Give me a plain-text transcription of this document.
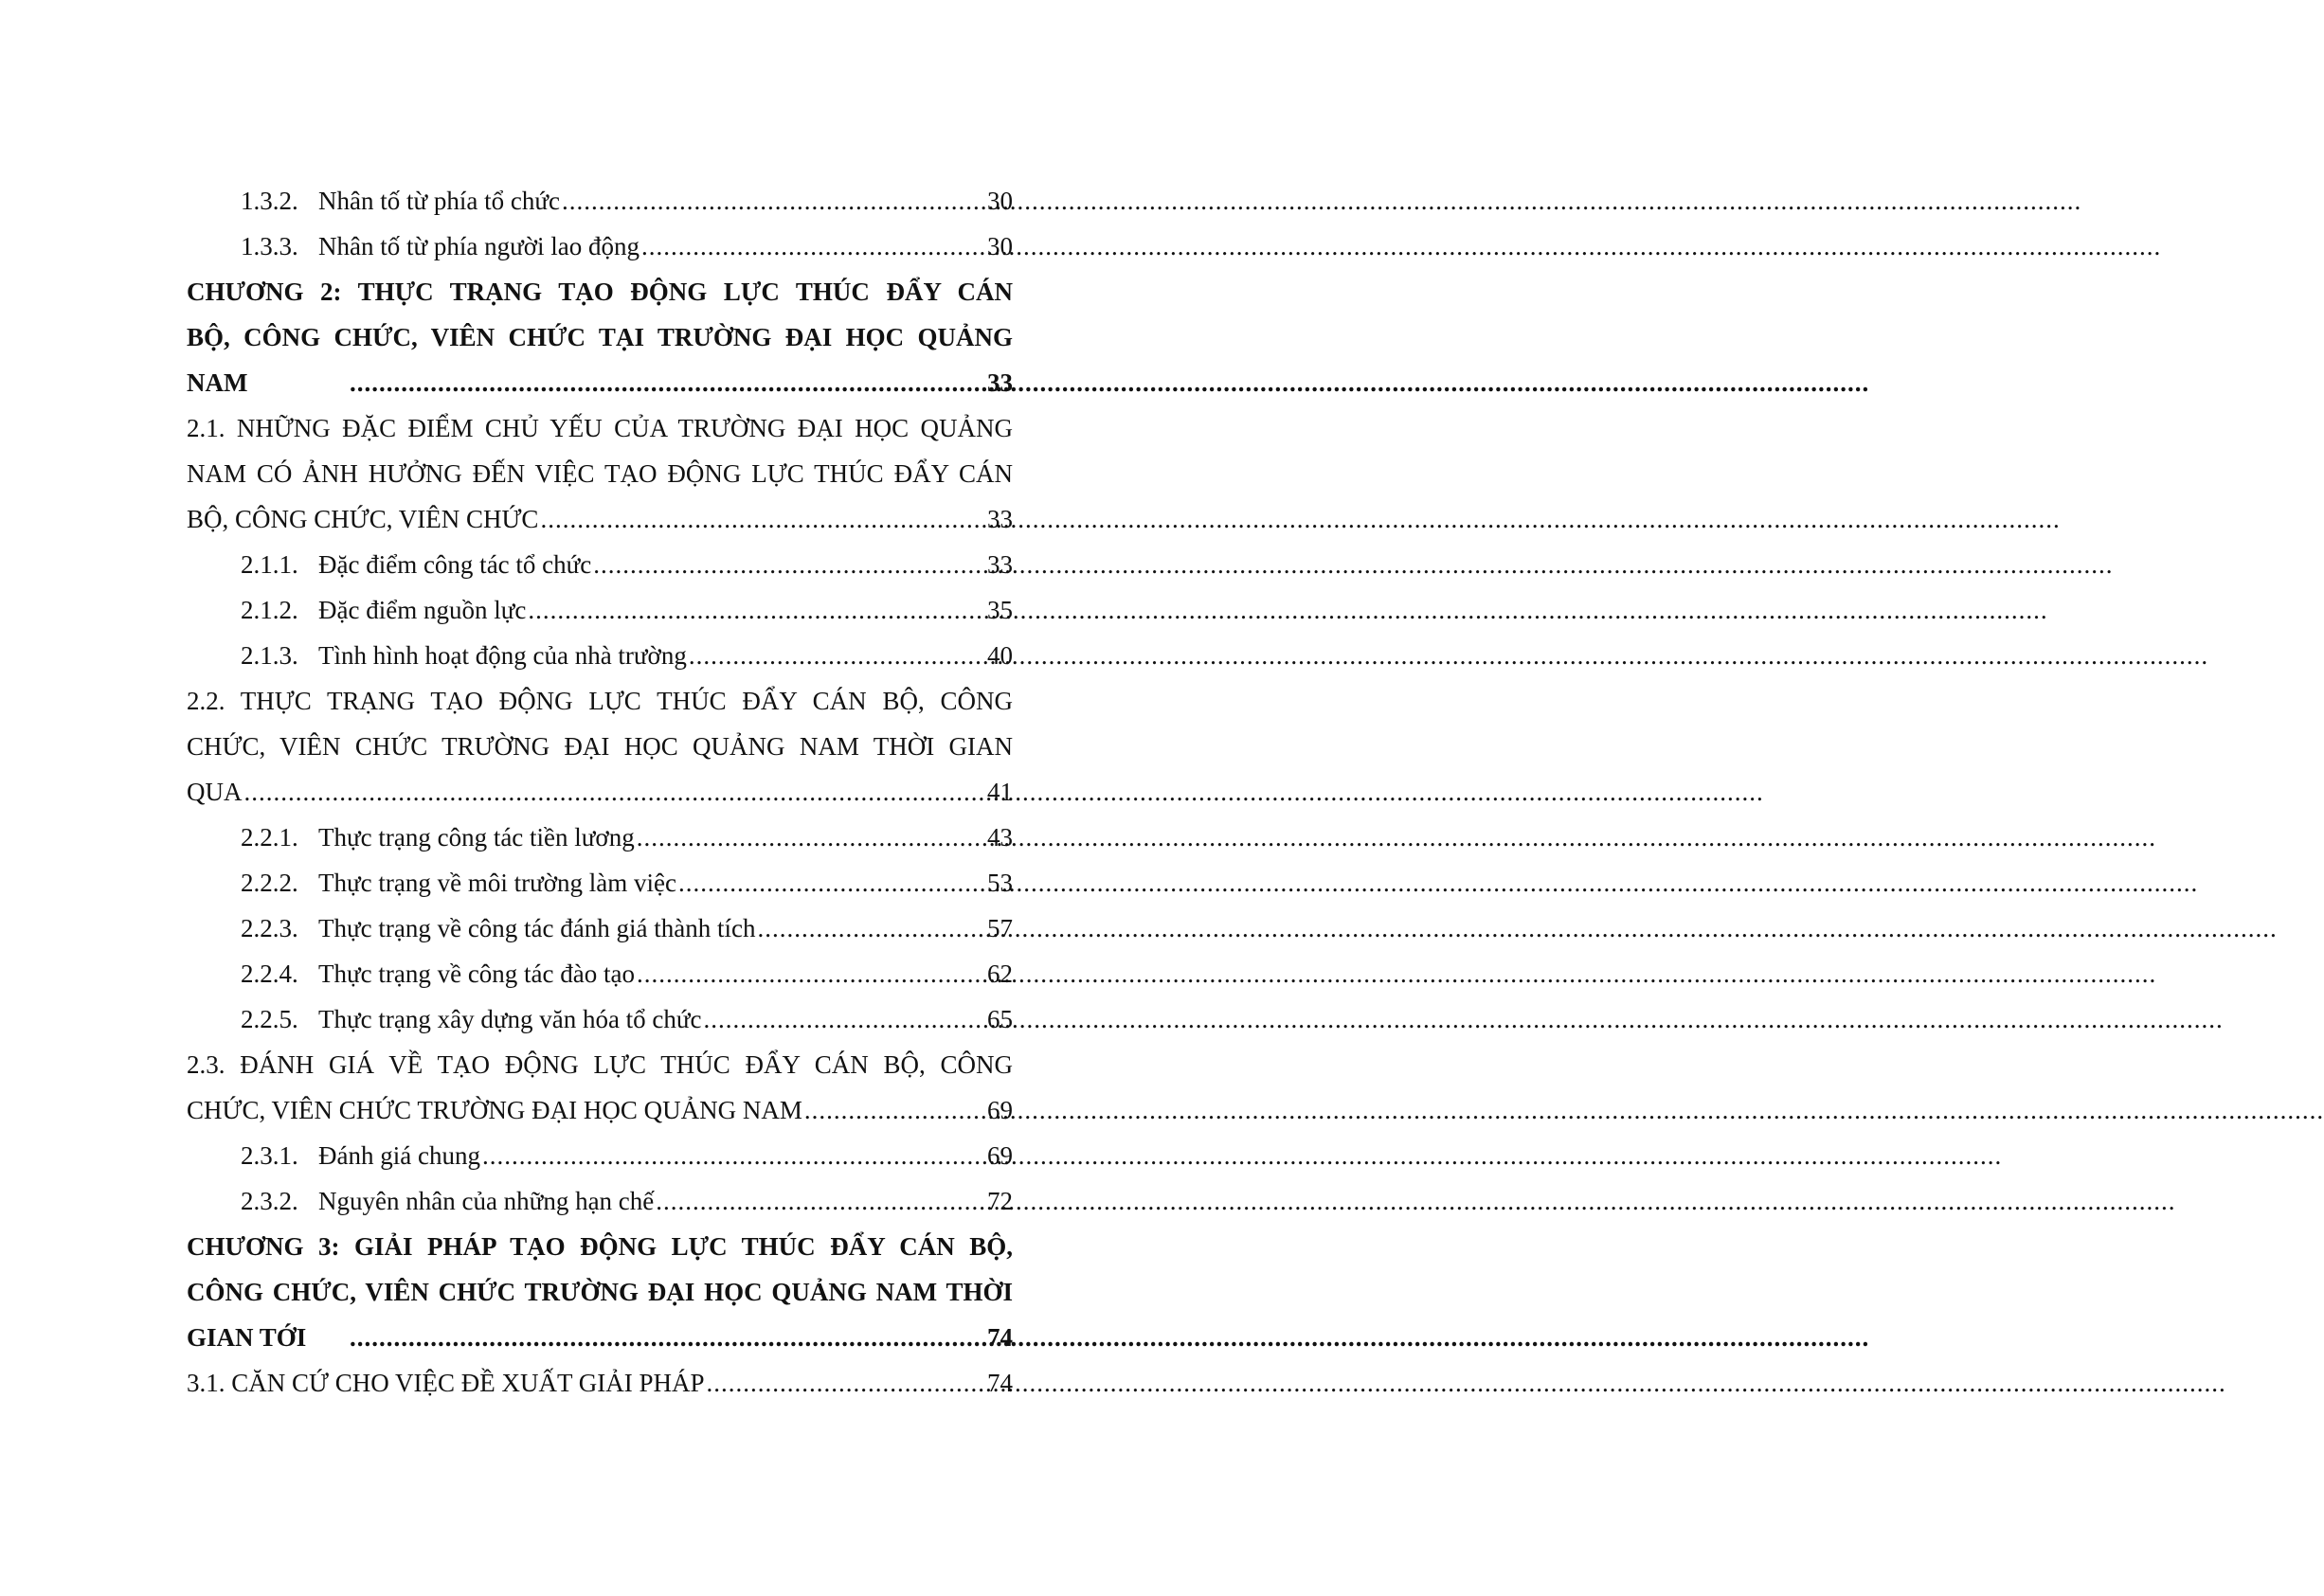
1.3.2. Nhân tố từ phía tổ chức .....	30
1.3.3. Nhân tố từ phía người lao động .....	30
CHƯƠNG 2: THỰC TRẠNG TẠO ĐỘNG LỰC THÚC ĐẨY CÁN
BỘ, CÔNG CHỨC, VIÊN CHỨC TẠI TRƯỜNG ĐẠI HỌC QUẢNG
NAM .....	33
2.1. NHỮNG ĐẶC ĐIỂM CHỦ YẾU CỦA TRƯỜNG ĐẠI HỌC QUẢNG
NAM CÓ ẢNH HƯỞNG ĐẾN VIỆC TẠO ĐỘNG LỰC THÚC ĐẨY CÁN
BỘ, CÔNG CHỨC, VIÊN CHỨC .....	33
2.1.1. Đặc điểm công tác tổ chức .....	33
2.1.2. Đặc điểm nguồn lực .....	35
2.1.3. Tình hình hoạt động của nhà trường .....	40
2.2. THỰC TRẠNG TẠO ĐỘNG LỰC THÚC ĐẨY CÁN BỘ, CÔNG
CHỨC, VIÊN CHỨC TRƯỜNG ĐẠI HỌC QUẢNG NAM THỜI GIAN
QUA .....	41
2.2.1. Thực trạng công tác tiền lương .....	43
2.2.2. Thực trạng về môi trường làm việc .....	53
2.2.3. Thực trạng về công tác đánh giá thành tích .....	57
2.2.4. Thực trạng về công tác đào tạo .....	62
2.2.5. Thực trạng xây dựng văn hóa tổ chức .....	65
2.3. ĐÁNH GIÁ VỀ TẠO ĐỘNG LỰC THÚC ĐẨY CÁN BỘ, CÔNG
CHỨC, VIÊN CHỨC TRƯỜNG ĐẠI HỌC QUẢNG NAM .....	69
2.3.1. Đánh giá chung .....	69
2.3.2. Nguyên nhân của những hạn chế .....	72
CHƯƠNG 3: GIẢI PHÁP TẠO ĐỘNG LỰC THÚC ĐẨY CÁN BỘ,
CÔNG CHỨC, VIÊN CHỨC TRƯỜNG ĐẠI HỌC QUẢNG NAM THỜI
GIAN TỚI .....	74
3.1. CĂN CỨ CHO VIỆC ĐỀ XUẤT GIẢI PHÁP .....	74
